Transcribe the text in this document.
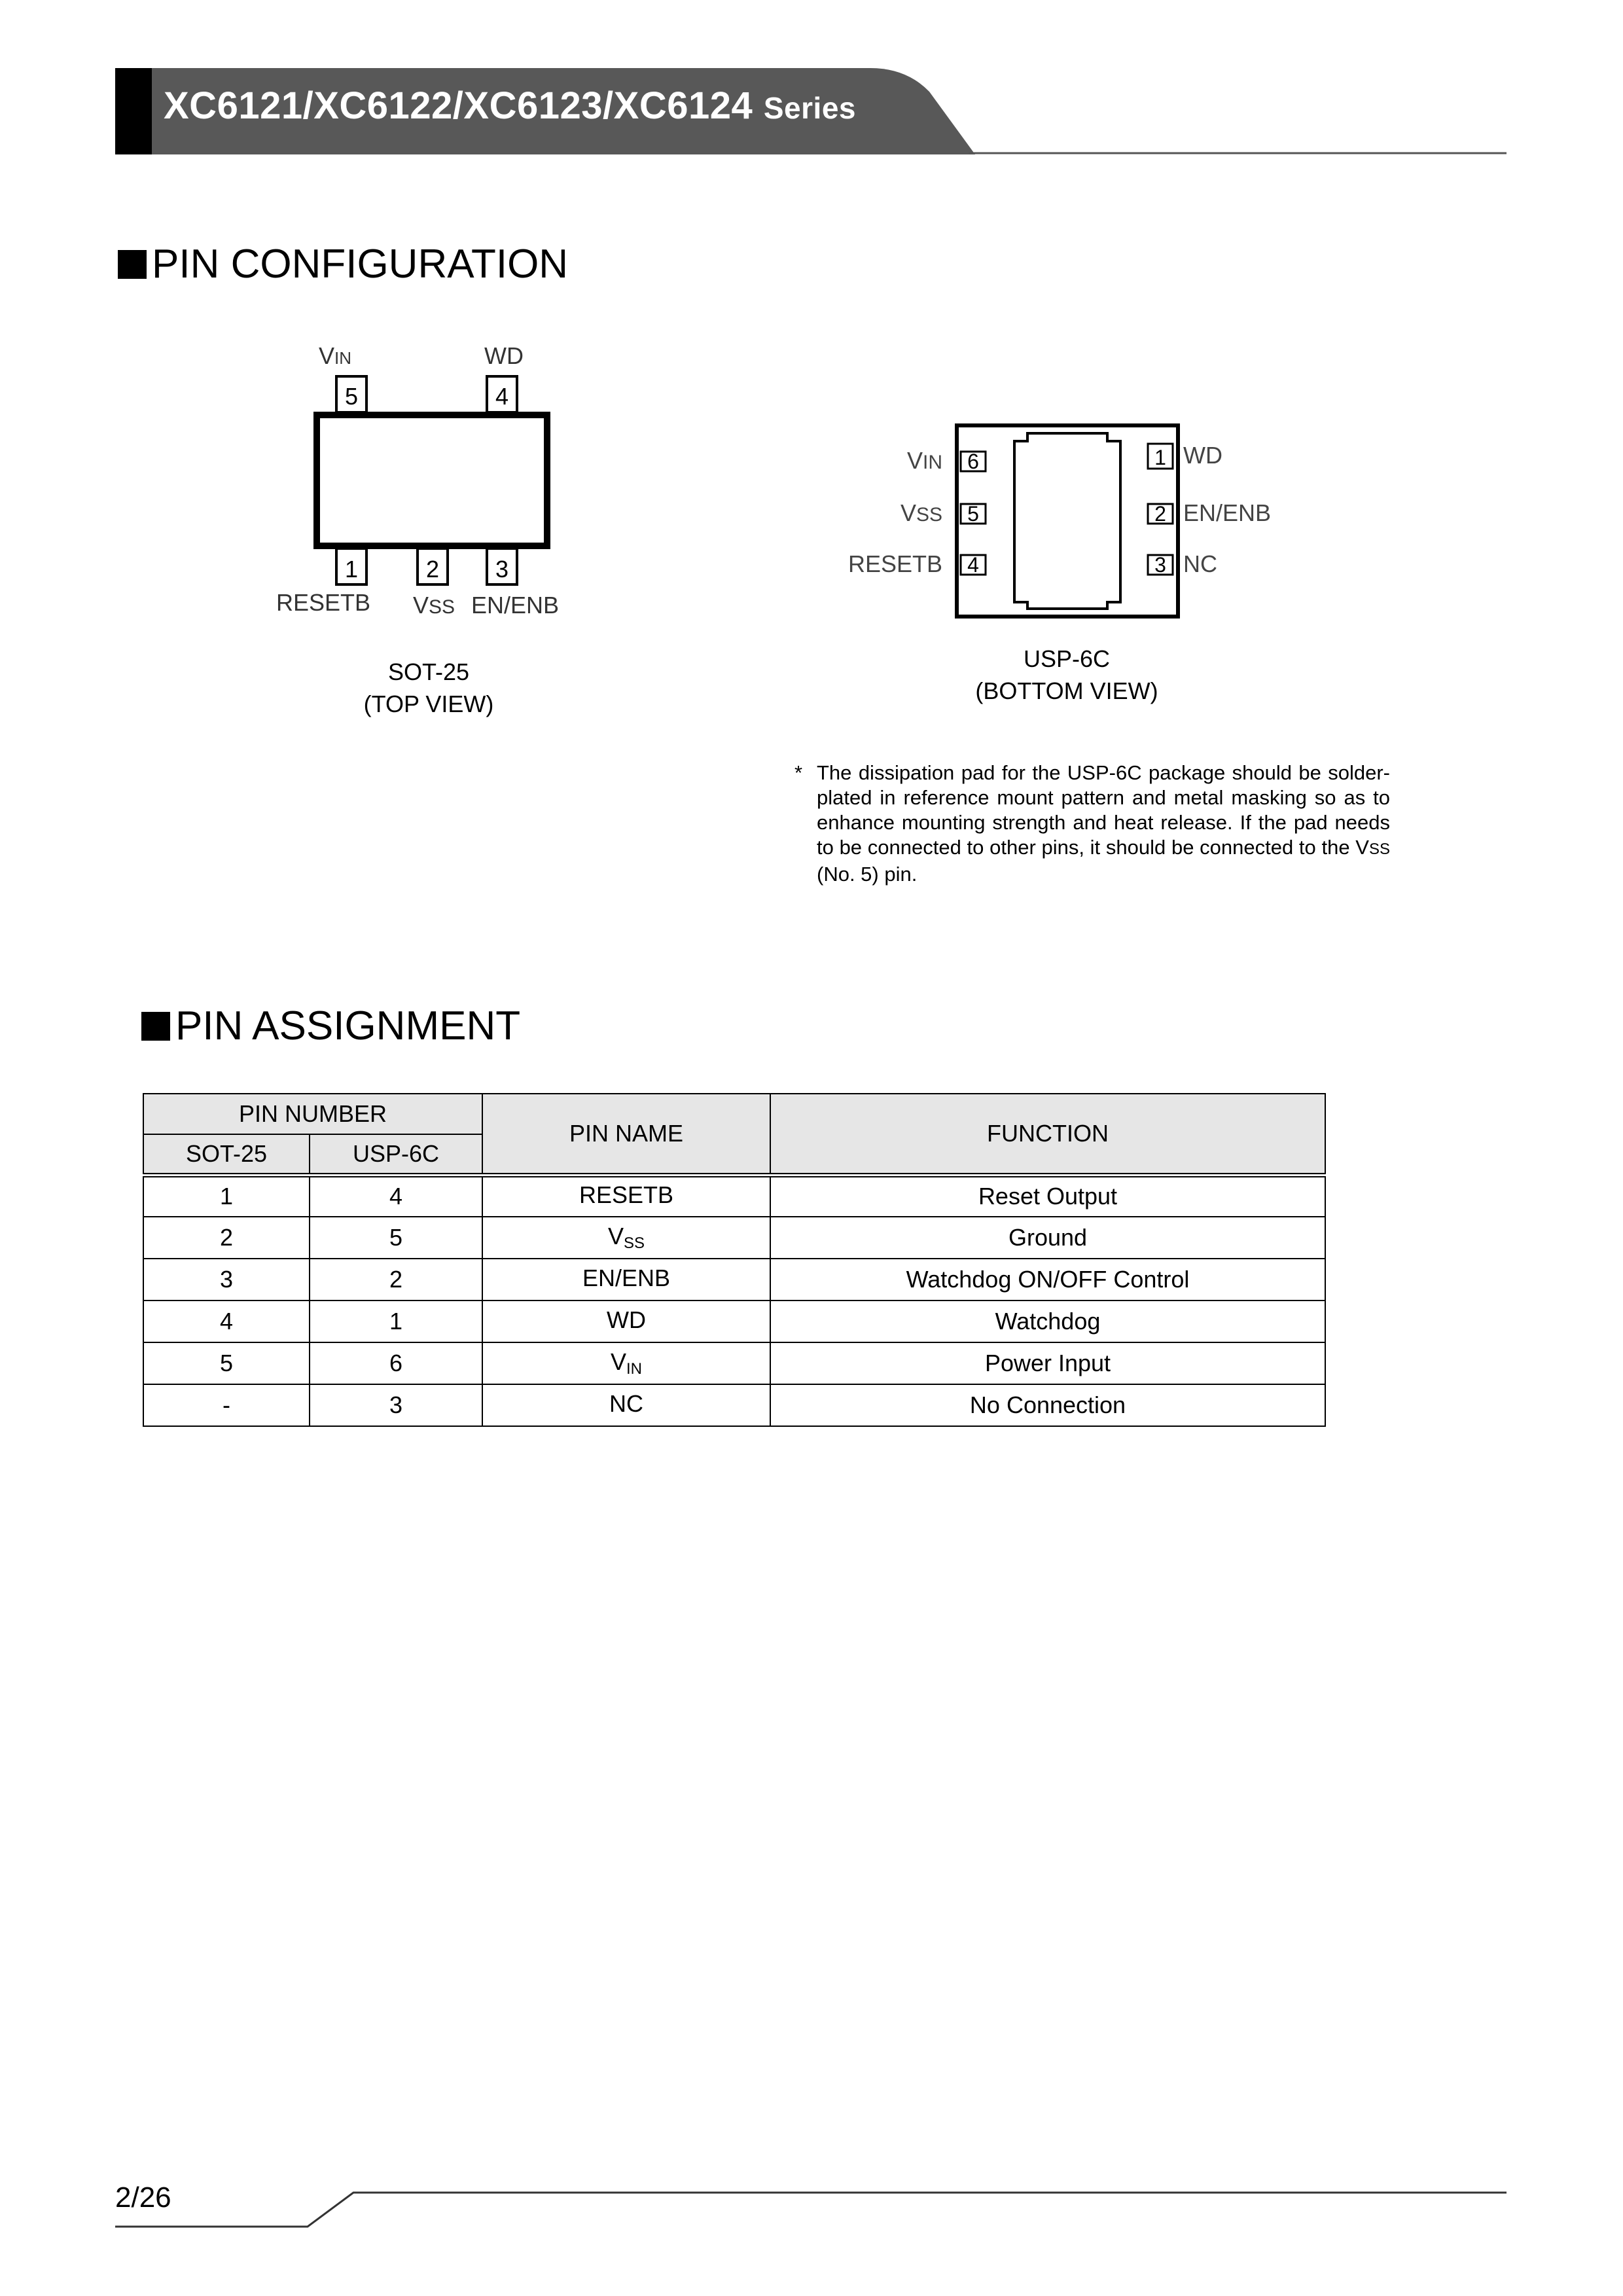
XC6121/XC6122/XC6123/XC6124 Series
PIN CONFIGURATION
VIN	WD
5	4
1	2 3
RESETB VSS EN/ENB
SOT-25
(TOP VIEW)
6
5
4
1
2
3
VIN
VSS
RESETB
WD
EN/ENB
NC
USP-6C
(BOTTOM VIEW)
* The dissipation pad for the USP-6C package should be solder-plated in reference mount pattern and metal masking so as to enhance mounting strength and heat release. If the pad needs to be connected to other pins, it should be connected to the VSS (No. 5) pin.
PIN ASSIGNMENT
PIN NUMBER		PIN NAME	FUNCTION
SOT-25	USP-6C		
1	4	RESETB	Reset Output
2	5	$V_{SS}$	Ground
3	2	EN/ENB	Watchdog ON/OFF Control
4	1	WD	Watchdog
5	6	$V_{IN}$	Power Input
-	3	NC	No Connection
2/26
